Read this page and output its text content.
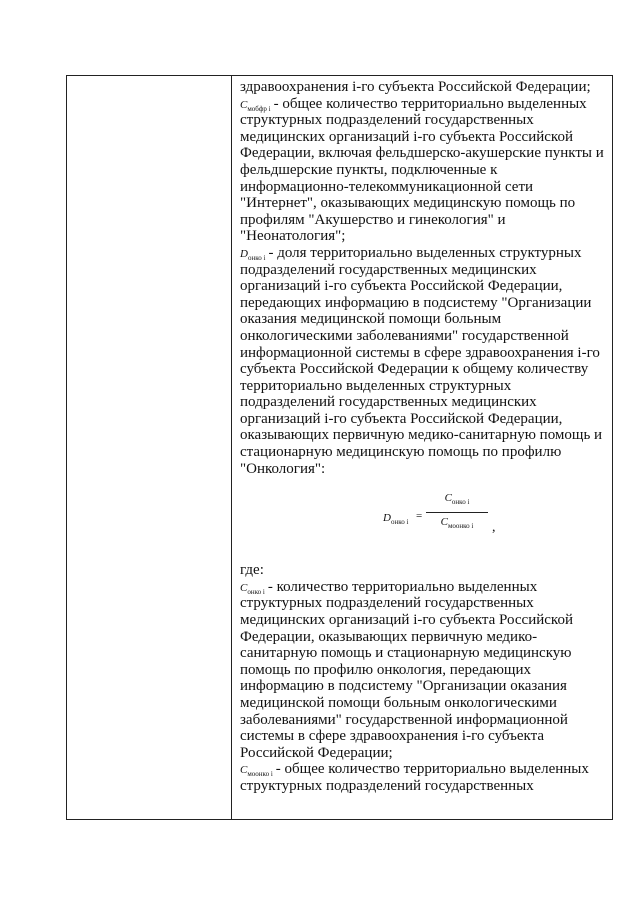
здравоохранения i-го субъекта Российской Федерации;
$C_{мобфр i}$ - общее количество территориально выделенных
структурных подразделений государственных
медицинских организаций i-го субъекта Российской
Федерации, включая фельдшерско-акушерские пункты и
фельдшерские пункты, подключенные к
информационно-телекоммуникационной сети
"Интернет", оказывающих медицинскую помощь по
профилям "Акушерство и гинекология" и
"Неонатология";
$D_{онко i}$ - доля территориально выделенных структурных
подразделений государственных медицинских
организаций i-го субъекта Российской Федерации,
передающих информацию в подсистему "Организации
оказания медицинской помощи больным
онкологическими заболеваниями" государственной
информационной системы в сфере здравоохранения i-го
субъекта Российской Федерации к общему количеству
территориально выделенных структурных
подразделений государственных медицинских
организаций i-го субъекта Российской Федерации,
оказывающих первичную медико-санитарную помощь и
стационарную медицинскую помощь по профилю
"Онкология":
$D_{онко i}$
=
$C_{онко i}$
$C_{моонко i}$	,
где:
$C_{онко i}$ - количество территориально выделенных
структурных подразделений государственных
медицинских организаций i-го субъекта Российской
Федерации, оказывающих первичную медико-
санитарную помощь и стационарную медицинскую
помощь по профилю онкология, передающих
информацию в подсистему "Организации оказания
медицинской помощи больным онкологическими
заболеваниями" государственной информационной
системы в сфере здравоохранения i-го субъекта
Российской Федерации;
$C_{моонко i}$ - общее количество территориально выделенных
структурных подразделений государственных
